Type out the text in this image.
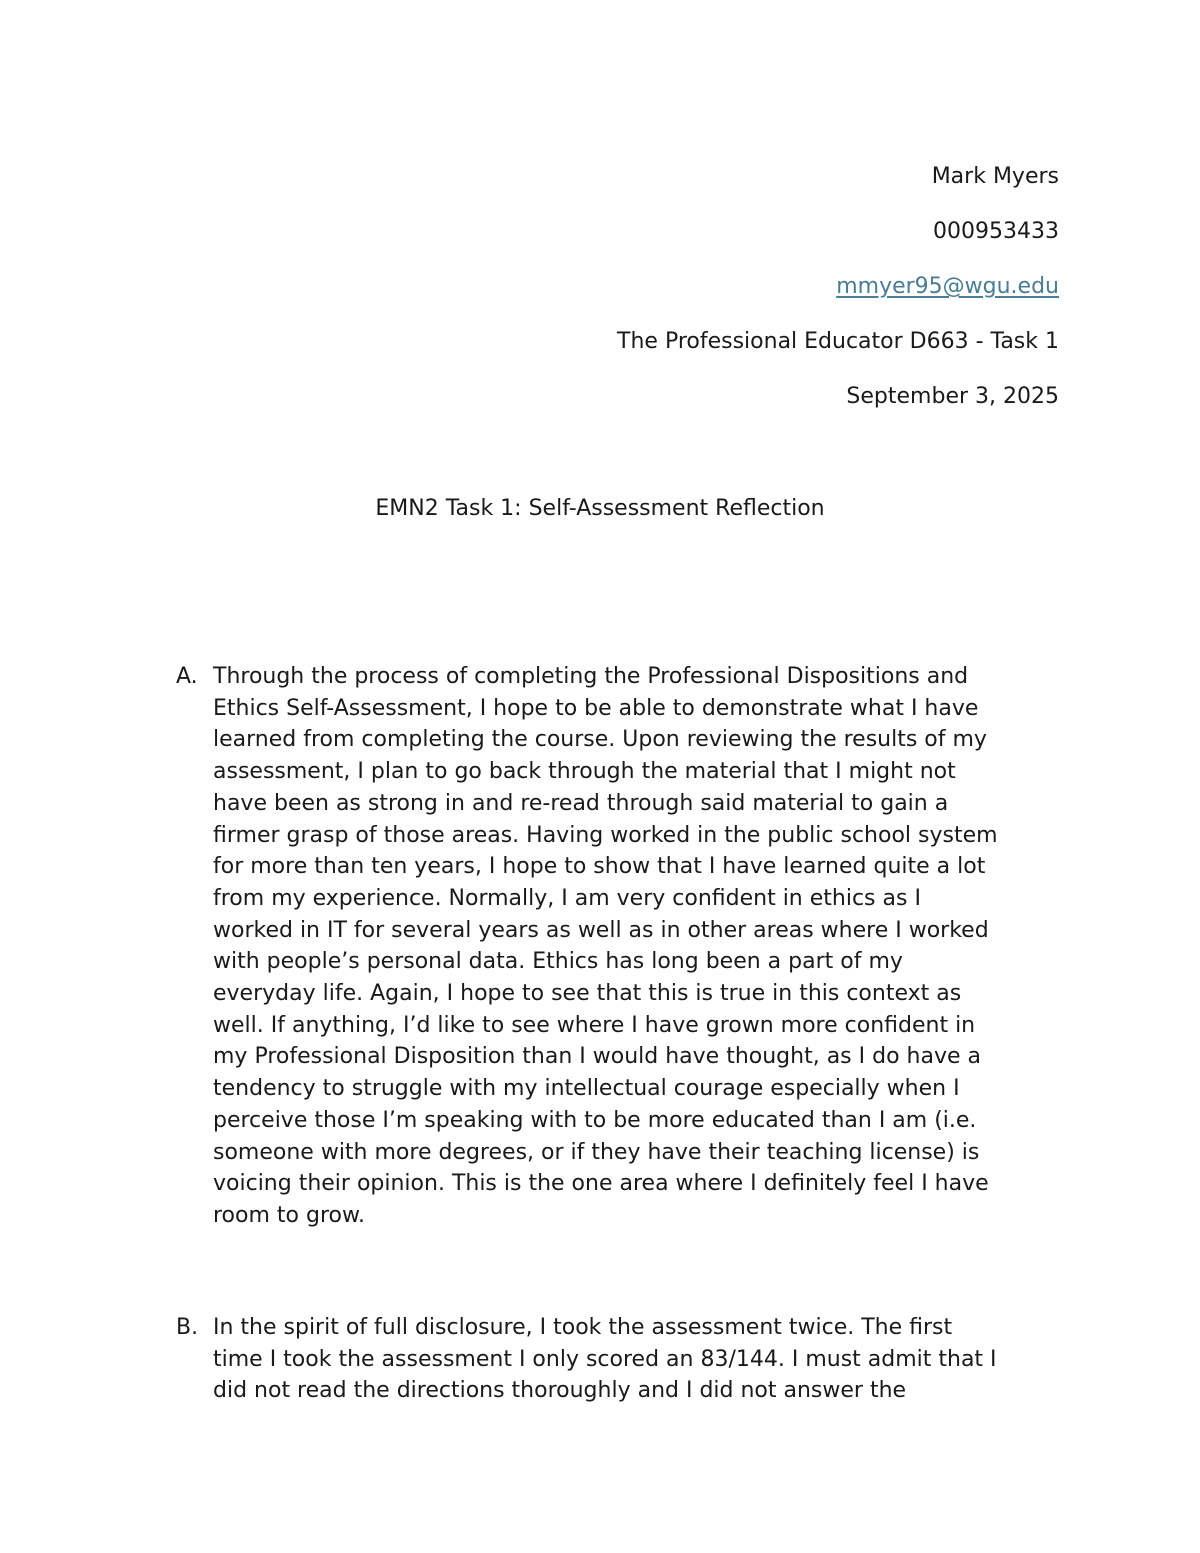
Mark Myers
000953433
mmyer95@wgu.edu
The Professional Educator D663 - Task 1
September 3, 2025
EMN2 Task 1: Self-Assessment Reflection
A. Through the process of completing the Professional Dispositions and
Ethics Self-Assessment, I hope to be able to demonstrate what I have
learned from completing the course. Upon reviewing the results of my
assessment, I plan to go back through the material that I might not
have been as strong in and re-read through said material to gain a
firmer grasp of those areas. Having worked in the public school system
for more than ten years, I hope to show that I have learned quite a lot
from my experience. Normally, I am very confident in ethics as I
worked in IT for several years as well as in other areas where I worked
with people’s personal data. Ethics has long been a part of my
everyday life. Again, I hope to see that this is true in this context as
well. If anything, I’d like to see where I have grown more confident in
my Professional Disposition than I would have thought, as I do have a
tendency to struggle with my intellectual courage especially when I
perceive those I’m speaking with to be more educated than I am (i.e.
someone with more degrees, or if they have their teaching license) is
voicing their opinion. This is the one area where I definitely feel I have
room to grow.
B. In the spirit of full disclosure, I took the assessment twice. The first
time I took the assessment I only scored an 83/144. I must admit that I
did not read the directions thoroughly and I did not answer the
